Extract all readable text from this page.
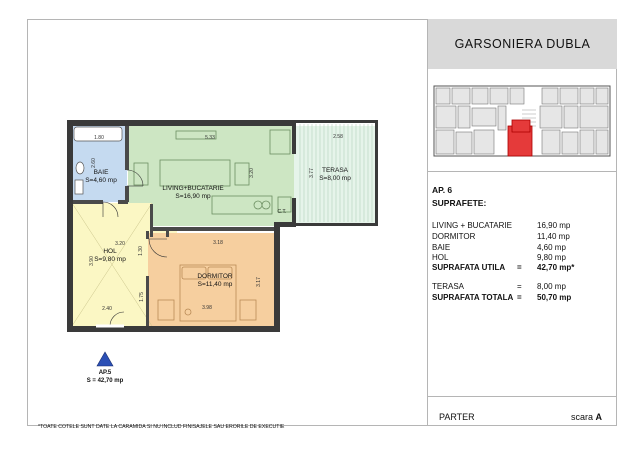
GARSONIERA DUBLA
AP. 6
SUPRAFETE:
LIVING + BUCATARIE	16,90 mp
DORMITOR	11,40 mp
BAIE	4,60 mp
HOL	9,80 mp
SUPRAFATA UTILA = 42,70 mp*
TERASA	= 8,00 mp
SUPRAFATA TOTALA = 50,70 mp
PARTER	scara A
*TOATE COTELE SUNT DATE LA CARAMIDA SI NU INCLUD FINISAJELE SAU ERORILE DE EXECUTIE
BAIE
S=4,60 mp
LIVING+BUCATARIE
S=16,90 mp
TERASA
S=8,00 mp
HOL
S=9,80 mp
DORMITOR
S=11,40 mp
C.T.
1.80	5.33	2.58
2.60
3.20	3.77
3.20
1.30
3.18
3.90
3.17
1.75
2.40	3.98
AP.5
S = 42,70 mp
